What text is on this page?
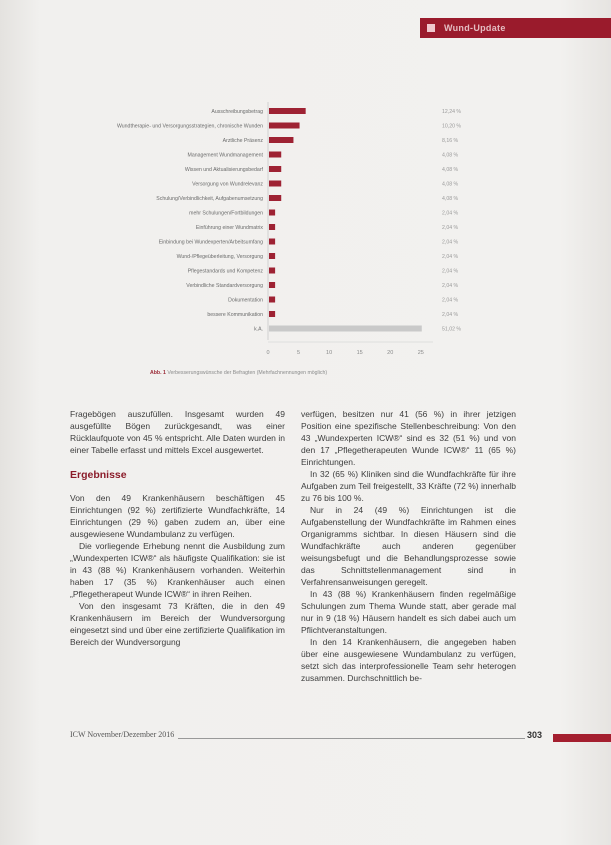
Wund-Update
Ausschreibungsbetrag	12,24 %
Wundtherapie- und Versorgungsstrategien, chronische Wunden	10,20 %
Arztliche Präsenz	8,16 %
Management Wundmanagement	4,08 %
Wissen und Aktualisierungsbedarf	4,08 %
Versorgung von Wundrelevanz	4,08 %
Schulung/Verbindlichkeit, Aufgabenumsetzung	4,08 %
mehr Schulungen/Fortbildungen	2,04 %
Einführung einer Wundmatrix	2,04 %
Einbindung bei Wundexperten/Arbeitsumfang	2,04 %
Wund-/Pflegeüberleitung, Versorgung	2,04 %
Pflegestandards und Kompetenz	2,04 %
Verbindliche Standardversorgung	2,04 %
Dokumentation	2,04 %
bessere Kommunikation	2,04 %
k.A.	51,02 %
0	5	10	15	20	25
Abb. 1 Verbesserungswünsche der Befragten (Mehrfachnennungen möglich)

Fragebögen auszufüllen. Insgesamt wurden 49 ausgefüllte Bögen zurückgesandt, was einer Rücklaufquote von 45 % entspricht. Alle Daten wurden in einer Tabelle erfasst und mittels Excel ausgewertet.

Ergebnisse

Von den 49 Krankenhäusern beschäftigen 45 Einrichtungen (92 %) zertifizierte Wundfachkräfte, 14 Einrichtungen (29 %) gaben zudem an, über eine ausgewiesene Wundambulanz zu verfügen.

Die vorliegende Erhebung nennt die Ausbildung zum „Wundexperten ICW®“ als häufigste Qualifikation: sie ist in 43 (88 %) Krankenhäusern vorhanden. Weiterhin haben 17 (35 %) Krankenhäuser auch einen „Pflegetherapeut Wunde ICW®“ in ihren Reihen.

Von den insgesamt 73 Kräften, die in den 49 Krankenhäusern im Bereich der Wundversorgung eingesetzt sind und über eine zertifizierte Qualifikation im Bereich der Wundversorgung

verfügen, besitzen nur 41 (56 %) in ihrer jetzigen Position eine spezifische Stellenbeschreibung: Von den 43 „Wundexperten ICW®“ sind es 32 (51 %) und von den 17 „Pflegetherapeuten Wunde ICW®“ 11 (65 %) Einrichtungen.

In 32 (65 %) Kliniken sind die Wundfachkräfte für ihre Aufgaben zum Teil freigestellt, 33 Kräfte (72 %) innerhalb zu 76 bis 100 %.

Nur in 24 (49 %) Einrichtungen ist die Aufgabenstellung der Wundfachkräfte im Rahmen eines Organigramms sichtbar. In diesen Häusern sind die Wundfachkräfte auch anderen gegenüber weisungsbefugt und die Behandlungsprozesse sowie das Schnittstellenmanagement sind in Verfahrensanweisungen geregelt.

In 43 (88 %) Krankenhäusern finden regelmäßige Schulungen zum Thema Wunde statt, aber gerade mal nur in 9 (18 %) Häusern handelt es sich dabei auch um Pflichtveranstaltungen.

In den 14 Krankenhäusern, die angegeben haben über eine ausgewiesene Wundambulanz zu verfügen, setzt sich das interprofessionelle Team sehr heterogen zusammen. Durchschnittlich be-

ICW November/Dezember 2016	303
